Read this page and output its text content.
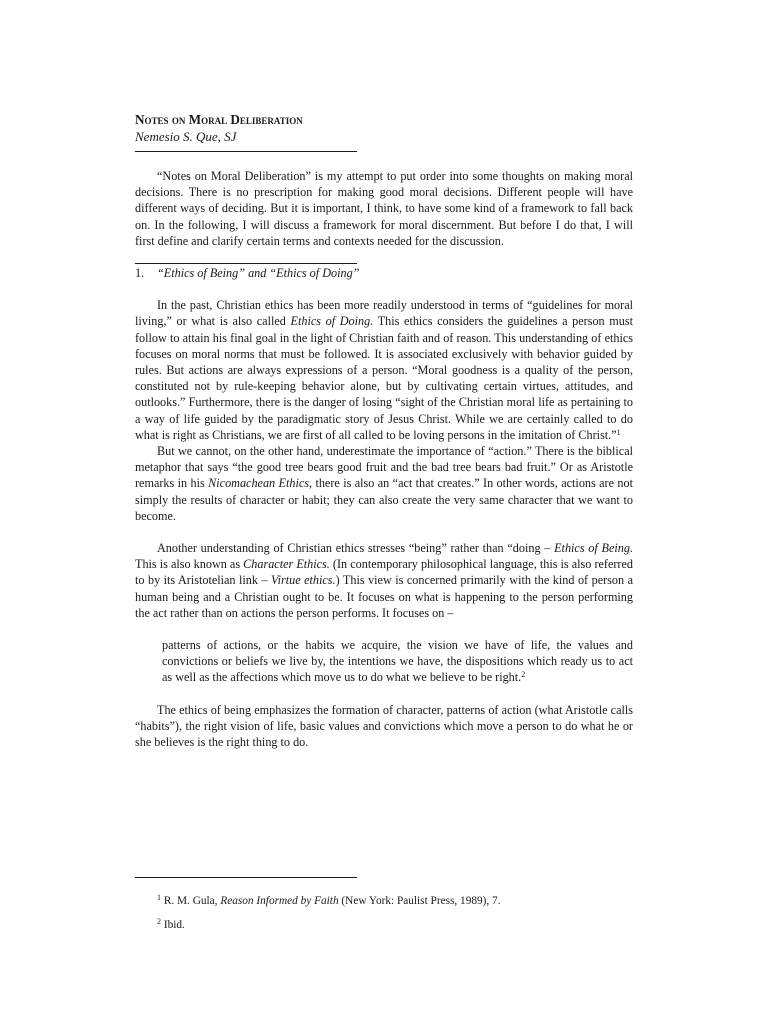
Notes on Moral Deliberation
Nemesio S. Que, SJ

“Notes on Moral Deliberation” is my attempt to put order into some thoughts on making moral decisions. There is no prescription for making good moral decisions. Different people will have different ways of deciding. But it is important, I think, to have some kind of a framework to fall back on. In the following, I will discuss a framework for moral discernment. But before I do that, I will first define and clarify certain terms and contexts needed for the discussion.

1. “Ethics of Being” and “Ethics of Doing”

In the past, Christian ethics has been more readily understood in terms of “guidelines for moral living,” or what is also called Ethics of Doing. This ethics considers the guidelines a person must follow to attain his final goal in the light of Christian faith and of reason. This understanding of ethics focuses on moral norms that must be followed. It is associated exclusively with behavior guided by rules. But actions are always expressions of a person. “Moral goodness is a quality of the person, constituted not by rule-keeping behavior alone, but by cultivating certain virtues, attitudes, and outlooks.” Furthermore, there is the danger of losing “sight of the Christian moral life as pertaining to a way of life guided by the paradigmatic story of Jesus Christ. While we are certainly called to do what is right as Christians, we are first of all called to be loving persons in the imitation of Christ.”$^1$

But we cannot, on the other hand, underestimate the importance of “action.” There is the biblical metaphor that says “the good tree bears good fruit and the bad tree bears bad fruit.” Or as Aristotle remarks in his Nicomachean Ethics, there is also an “act that creates.” In other words, actions are not simply the results of character or habit; they can also create the very same character that we want to become.

Another understanding of Christian ethics stresses “being” rather than “doing – Ethics of Being. This is also known as Character Ethics. (In contemporary philosophical language, this is also referred to by its Aristotelian link – Virtue ethics.) This view is concerned primarily with the kind of person a human being and a Christian ought to be. It focuses on what is happening to the person performing the act rather than on actions the person performs. It focuses on –

patterns of actions, or the habits we acquire, the vision we have of life, the values and convictions or beliefs we live by, the intentions we have, the dispositions which ready us to act as well as the affections which move us to do what we believe to be right.$^2$

The ethics of being emphasizes the formation of character, patterns of action (what Aristotle calls “habits”), the right vision of life, basic values and convictions which move a person to do what he or she believes is the right thing to do.

$^1$ R. M. Gula, Reason Informed by Faith (New York: Paulist Press, 1989), 7.
$^2$ Ibid.
